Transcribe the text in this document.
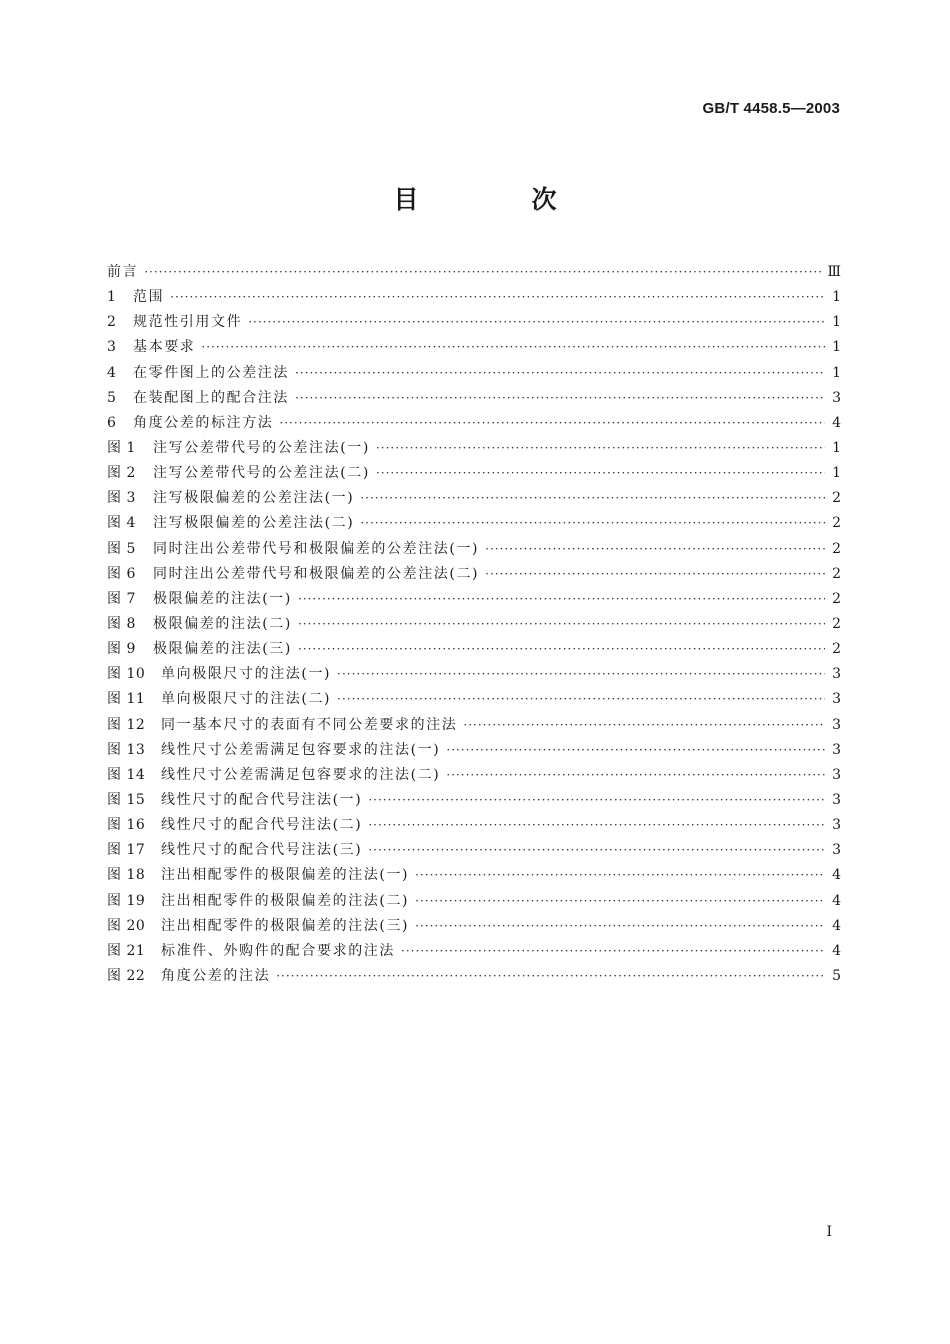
GB/T 4458.5—2003
目　次
前言 ·····	Ⅲ
1	范围 ·····	1
2	规范性引用文件 ·····	1
3	基本要求 ·····	1
4	在零件图上的公差注法 ·····	1
5	在装配图上的配合注法 ·····	3
6	角度公差的标注方法 ·····	4
图 1	注写公差带代号的公差注法(一) ·····	1
图 2	注写公差带代号的公差注法(二) ·····	1
图 3	注写极限偏差的公差注法(一) ·····	2
图 4	注写极限偏差的公差注法(二) ·····	2
图 5	同时注出公差带代号和极限偏差的公差注法(一) ·····	2
图 6	同时注出公差带代号和极限偏差的公差注法(二) ·····	2
图 7	极限偏差的注法(一) ·····	2
图 8	极限偏差的注法(二) ·····	2
图 9	极限偏差的注法(三) ·····	2
图 10	单向极限尺寸的注法(一) ·····	3
图 11	单向极限尺寸的注法(二) ·····	3
图 12	同一基本尺寸的表面有不同公差要求的注法 ·····	3
图 13	线性尺寸公差需满足包容要求的注法(一) ·····	3
图 14	线性尺寸公差需满足包容要求的注法(二) ·····	3
图 15	线性尺寸的配合代号注法(一) ·····	3
图 16	线性尺寸的配合代号注法(二) ·····	3
图 17	线性尺寸的配合代号注法(三) ·····	3
图 18	注出相配零件的极限偏差的注法(一) ·····	4
图 19	注出相配零件的极限偏差的注法(二) ·····	4
图 20	注出相配零件的极限偏差的注法(三) ·····	4
图 21	标准件、外购件的配合要求的注法 ·····	4
图 22	角度公差的注法 ·····	5
Ⅰ
